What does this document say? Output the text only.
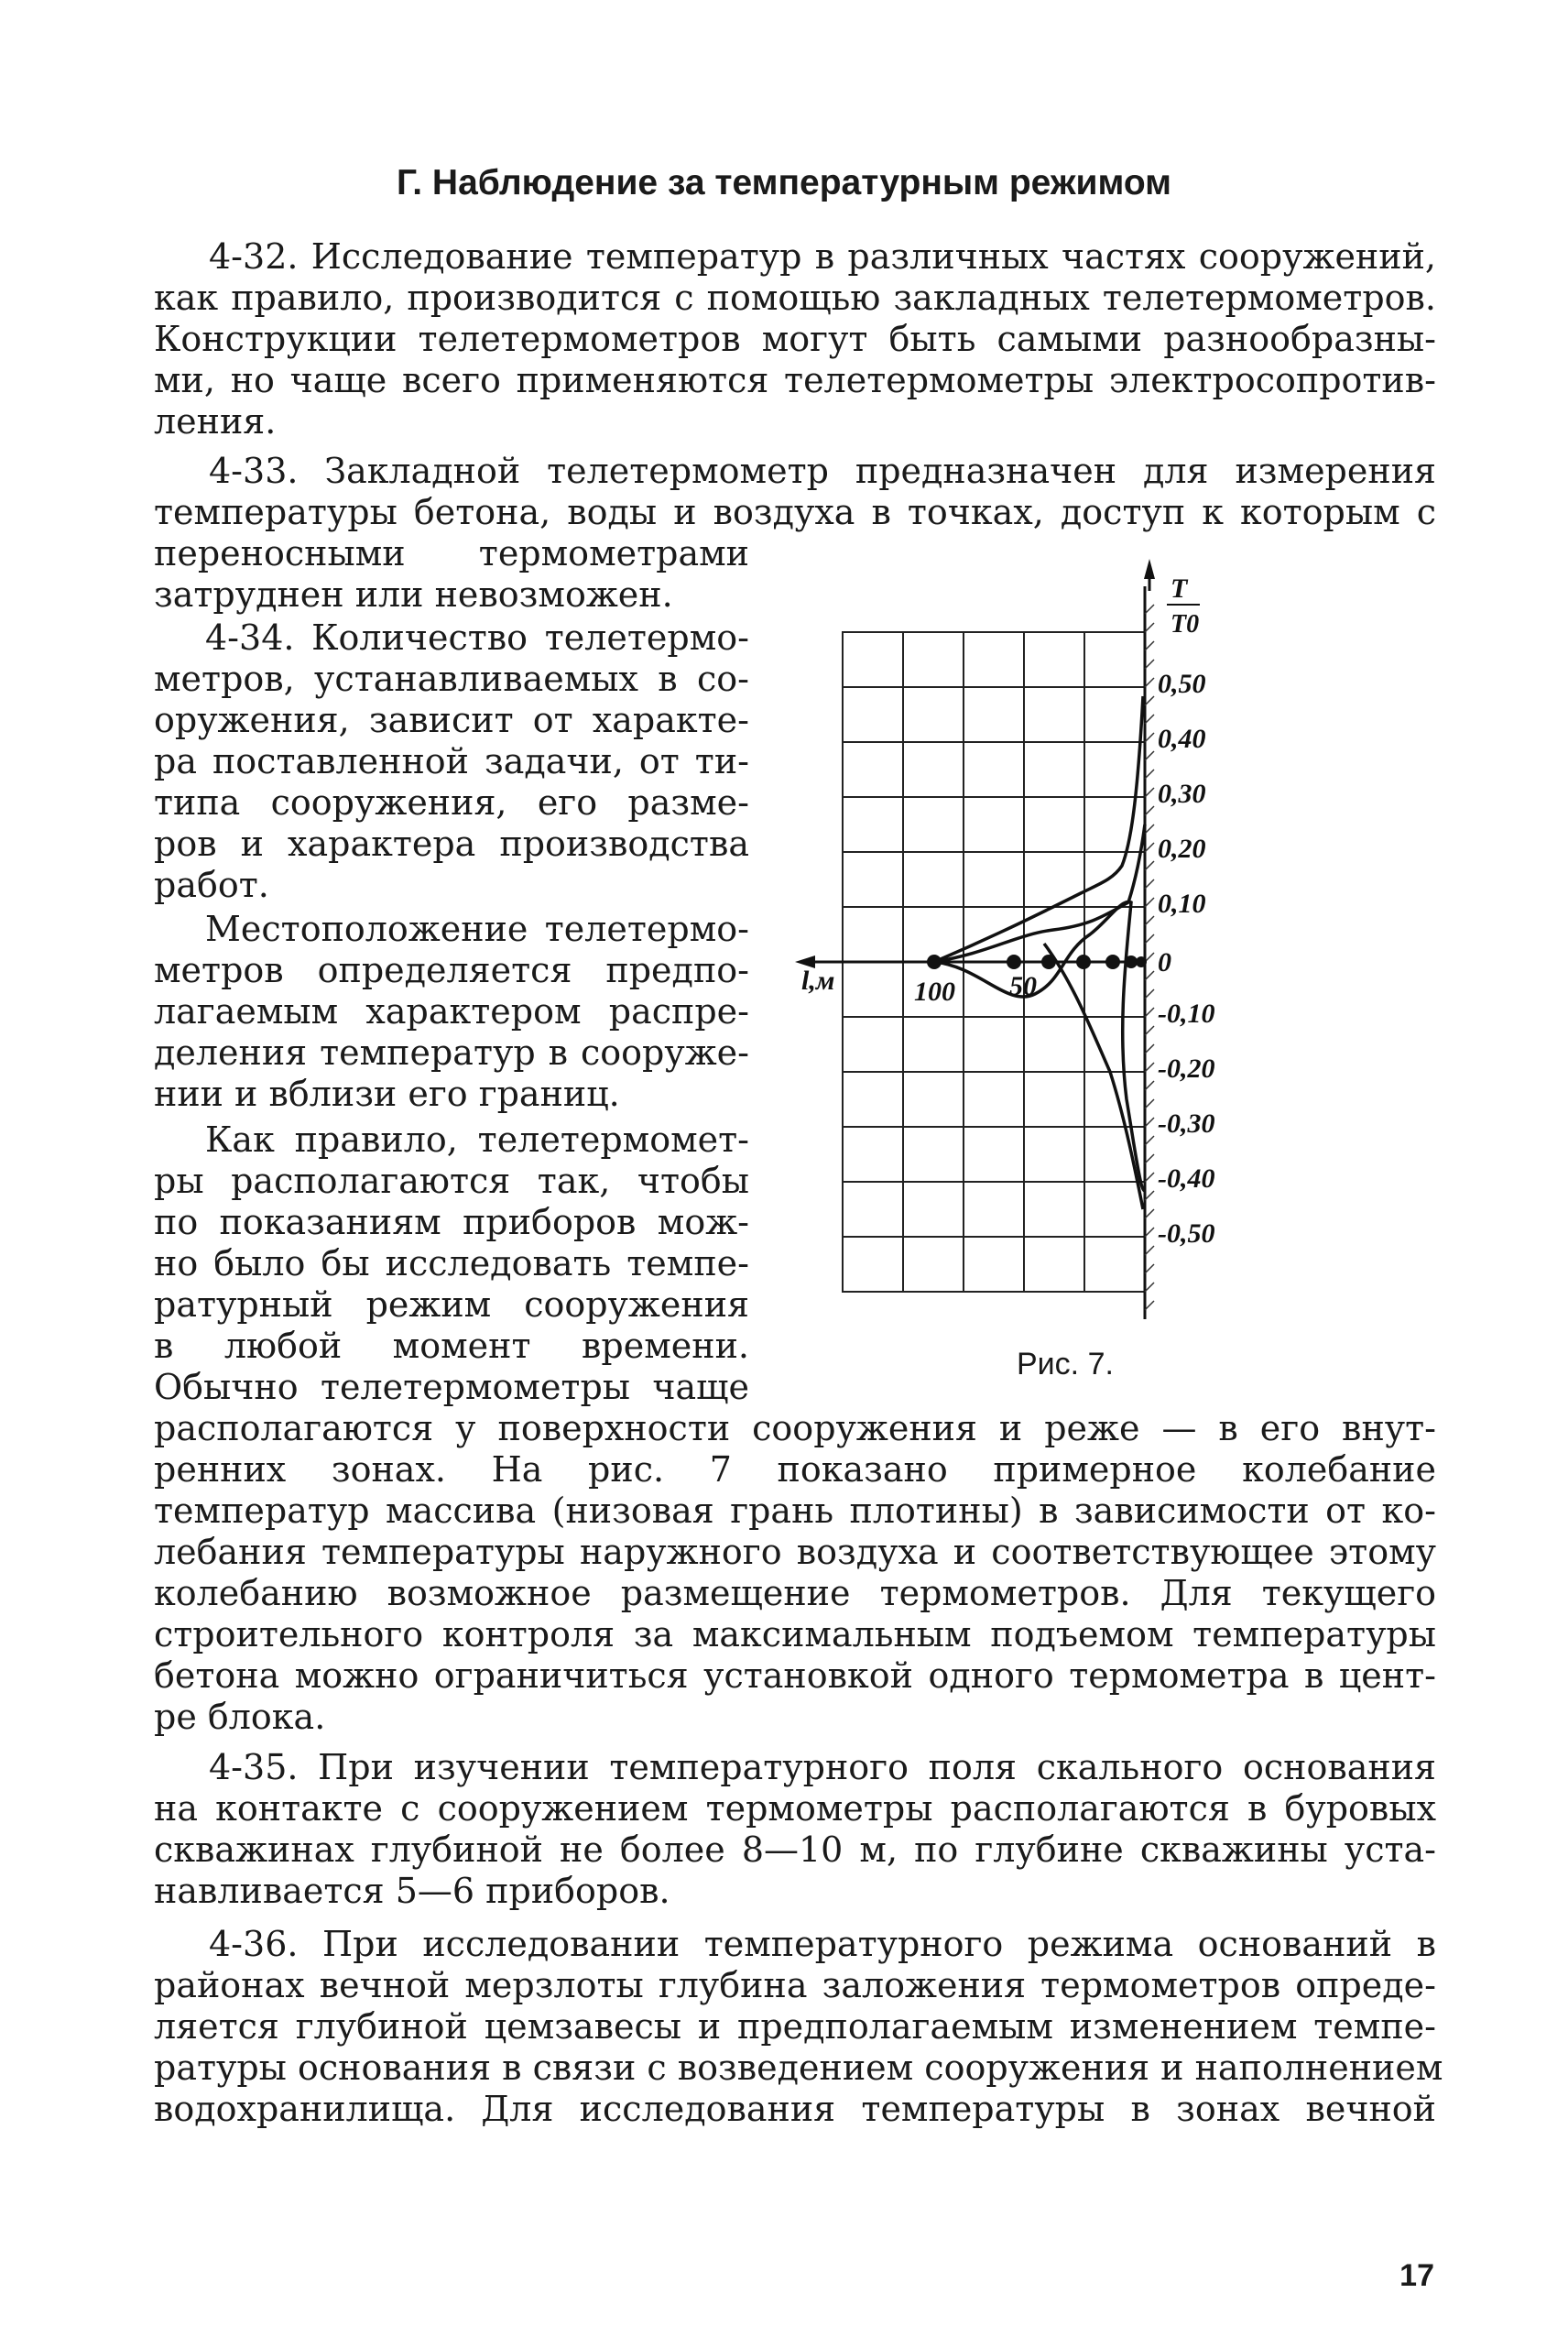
Г. Наблюдение за температурным режимом
4-32. Исследование температур в различных частях сооружений,
как правило, производится с помощью закладных телетермометров.
Конструкции телетермометров могут быть самыми разнообразны-
ми, но чаще всего применяются телетермометры электросопротив-
ления.
4-33. Закладной телетермометр предназначен для измерения
температуры бетона, воды и воздуха в точках, доступ к которым с
переносными термометрами
затруднен или невозможен.
4-34. Количество телетермо-
метров, устанавливаемых в со-
оружения, зависит от характе-
ра поставленной задачи, от ти-
типа сооружения, его разме-
ров и характера производства
работ.
Местоположение телетермо-
метров определяется предпо-
лагаемым характером распре-
деления температур в сооруже-
нии и вблизи его границ.
Как правило, телетермомет-
ры располагаются так, чтобы
по показаниям приборов мож-
но было бы исследовать темпе-
ратурный режим сооружения
в любой момент времени.
Обычно телетермометры чаще
располагаются у поверхности сооружения и реже — в его внут-
ренних зонах. На рис. 7 показано примерное колебание
температур массива (низовая грань плотины) в зависимости от ко-
лебания температуры наружного воздуха и соответствующее этому
колебанию возможное размещение термометров. Для текущего
строительного контроля за максимальным подъемом температуры
бетона можно ограничиться установкой одного термометра в цент-
ре блока.
4-35. При изучении температурного поля скального основания
на контакте с сооружением термометры располагаются в буровых
скважинах глубиной не более 8—10 м, по глубине скважины уста-
навливается 5—6 приборов.
4-36. При исследовании температурного режима оснований в
районах вечной мерзлоты глубина заложения термометров опреде-
ляется глубиной цемзавесы и предполагаемым изменением темпе-
ратуры основания в связи с возведением сооружения и наполнением
водохранилища. Для исследования температуры в зонах вечной
l,м	100 50
T
T0
0,50
0,40
0,30
0,20
0,10
0
-0,10
-0,20
-0,30
-0,40
-0,50
Рис. 7.
17
